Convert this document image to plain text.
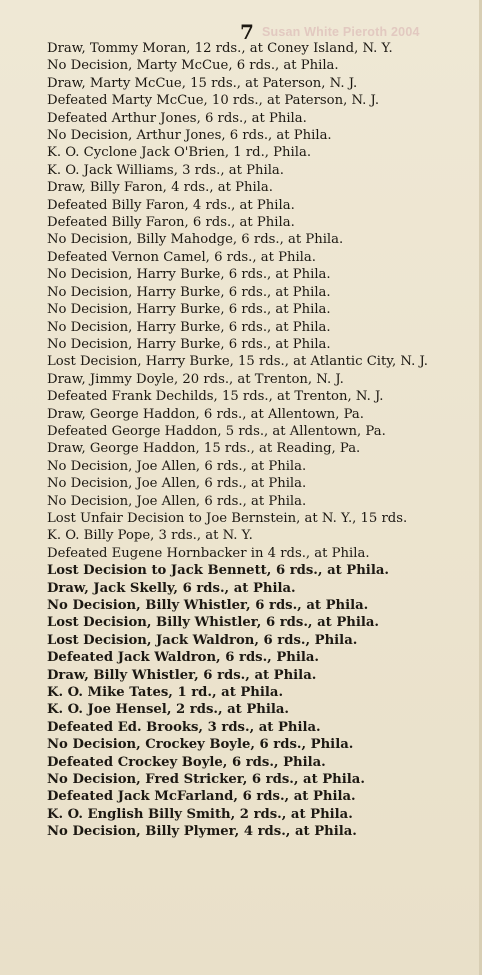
7 Susan White Pieroth 2004
Draw, Tommy Moran, 12 rds., at Coney Island, N. Y.
No Decision, Marty McCue, 6 rds., at Phila.
Draw, Marty McCue, 15 rds., at Paterson, N. J.
Defeated Marty McCue, 10 rds., at Paterson, N. J.
Defeated Arthur Jones, 6 rds., at Phila.
No Decision, Arthur Jones, 6 rds., at Phila.
K. O. Cyclone Jack O'Brien, 1 rd., Phila.
K. O. Jack Williams, 3 rds., at Phila.
Draw, Billy Faron, 4 rds., at Phila.
Defeated Billy Faron, 4 rds., at Phila.
Defeated Billy Faron, 6 rds., at Phila.
No Decision, Billy Mahodge, 6 rds., at Phila.
Defeated Vernon Camel, 6 rds., at Phila.
No Decision, Harry Burke, 6 rds., at Phila.
No Decision, Harry Burke, 6 rds., at Phila.
No Decision, Harry Burke, 6 rds., at Phila.
No Decision, Harry Burke, 6 rds., at Phila.
No Decision, Harry Burke, 6 rds., at Phila.
Lost Decision, Harry Burke, 15 rds., at Atlantic City, N. J.
Draw, Jimmy Doyle, 20 rds., at Trenton, N. J.
Defeated Frank Dechilds, 15 rds., at Trenton, N. J.
Draw, George Haddon, 6 rds., at Allentown, Pa.
Defeated George Haddon, 5 rds., at Allentown, Pa.
Draw, George Haddon, 15 rds., at Reading, Pa.
No Decision, Joe Allen, 6 rds., at Phila.
No Decision, Joe Allen, 6 rds., at Phila.
No Decision, Joe Allen, 6 rds., at Phila.
Lost Unfair Decision to Joe Bernstein, at N. Y., 15 rds.
K. O. Billy Pope, 3 rds., at N. Y.
Defeated Eugene Hornbacker in 4 rds., at Phila.
Lost Decision to Jack Bennett, 6 rds., at Phila.
Draw, Jack Skelly, 6 rds., at Phila.
No Decision, Billy Whistler, 6 rds., at Phila.
Lost Decision, Billy Whistler, 6 rds., at Phila.
Lost Decision, Jack Waldron, 6 rds., Phila.
Defeated Jack Waldron, 6 rds., Phila.
Draw, Billy Whistler, 6 rds., at Phila.
K. O. Mike Tates, 1 rd., at Phila.
K. O. Joe Hensel, 2 rds., at Phila.
Defeated Ed. Brooks, 3 rds., at Phila.
No Decision, Crockey Boyle, 6 rds., Phila.
Defeated Crockey Boyle, 6 rds., Phila.
No Decision, Fred Stricker, 6 rds., at Phila.
Defeated Jack McFarland, 6 rds., at Phila.
K. O. English Billy Smith, 2 rds., at Phila.
No Decision, Billy Plymer, 4 rds., at Phila.
